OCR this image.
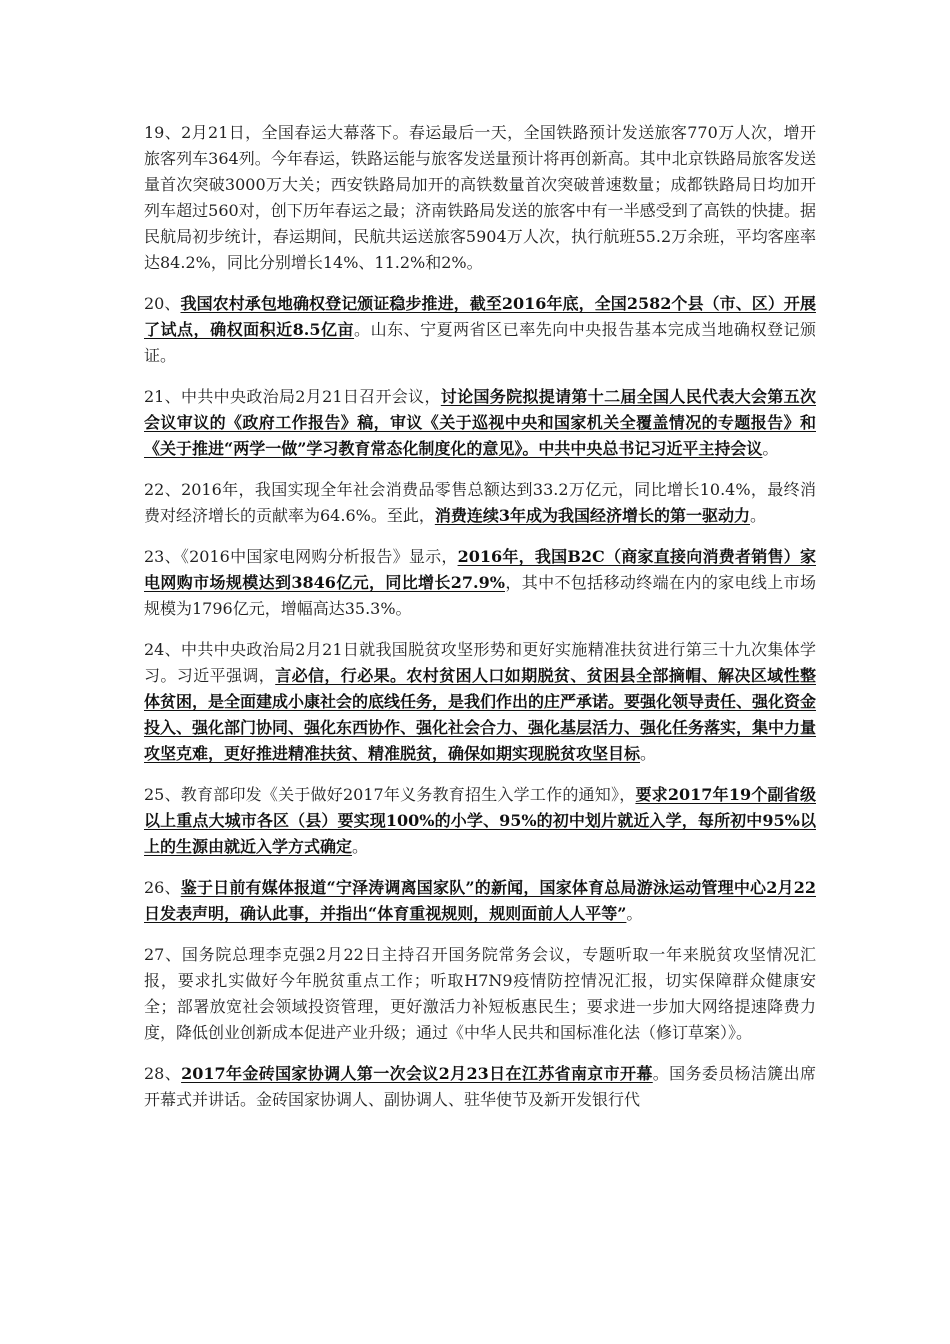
19、2月21日，全国春运大幕落下。春运最后一天，全国铁路预计发送旅客770万人次，增开旅客列车364列。今年春运，铁路运能与旅客发送量预计将再创新高。其中北京铁路局旅客发送量首次突破3000万大关；西安铁路局加开的高铁数量首次突破普速数量；成都铁路局日均加开列车超过560对，创下历年春运之最；济南铁路局发送的旅客中有一半感受到了高铁的快捷。据民航局初步统计，春运期间，民航共运送旅客5904万人次，执行航班55.2万余班，平均客座率达84.2%，同比分别增长14%、11.2%和2%。

20、我国农村承包地确权登记颁证稳步推进，截至2016年底，全国2582个县（市、区）开展了试点，确权面积近8.5亿亩。山东、宁夏两省区已率先向中央报告基本完成当地确权登记颁证。

21、中共中央政治局2月21日召开会议，讨论国务院拟提请第十二届全国人民代表大会第五次会议审议的《政府工作报告》稿，审议《关于巡视中央和国家机关全覆盖情况的专题报告》和《关于推进“两学一做”学习教育常态化制度化的意见》。中共中央总书记习近平主持会议。

22、2016年，我国实现全年社会消费品零售总额达到33.2万亿元，同比增长10.4%，最终消费对经济增长的贡献率为64.6%。至此，消费连续3年成为我国经济增长的第一驱动力。

23、《2016中国家电网购分析报告》显示，2016年，我国B2C（商家直接向消费者销售）家电网购市场规模达到3846亿元，同比增长27.9%，其中不包括移动终端在内的家电线上市场规模为1796亿元，增幅高达35.3%。

24、中共中央政治局2月21日就我国脱贫攻坚形势和更好实施精准扶贫进行第三十九次集体学习。习近平强调，言必信，行必果。农村贫困人口如期脱贫、贫困县全部摘帽、解决区域性整体贫困，是全面建成小康社会的底线任务，是我们作出的庄严承诺。要强化领导责任、强化资金投入、强化部门协同、强化东西协作、强化社会合力、强化基层活力、强化任务落实，集中力量攻坚克难，更好推进精准扶贫、精准脱贫，确保如期实现脱贫攻坚目标。

25、教育部印发《关于做好2017年义务教育招生入学工作的通知》，要求2017年19个副省级以上重点大城市各区（县）要实现100%的小学、95%的初中划片就近入学，每所初中95%以上的生源由就近入学方式确定。

26、鉴于日前有媒体报道“宁泽涛调离国家队”的新闻，国家体育总局游泳运动管理中心2月22日发表声明，确认此事，并指出“体育重视规则，规则面前人人平等”。

27、国务院总理李克强2月22日主持召开国务院常务会议，专题听取一年来脱贫攻坚情况汇报，要求扎实做好今年脱贫重点工作；听取H7N9疫情防控情况汇报，切实保障群众健康安全；部署放宽社会领域投资管理，更好激活力补短板惠民生；要求进一步加大网络提速降费力度，降低创业创新成本促进产业升级；通过《中华人民共和国标准化法（修订草案）》。

28、2017年金砖国家协调人第一次会议2月23日在江苏省南京市开幕。国务委员杨洁篪出席开幕式并讲话。金砖国家协调人、副协调人、驻华使节及新开发银行代
